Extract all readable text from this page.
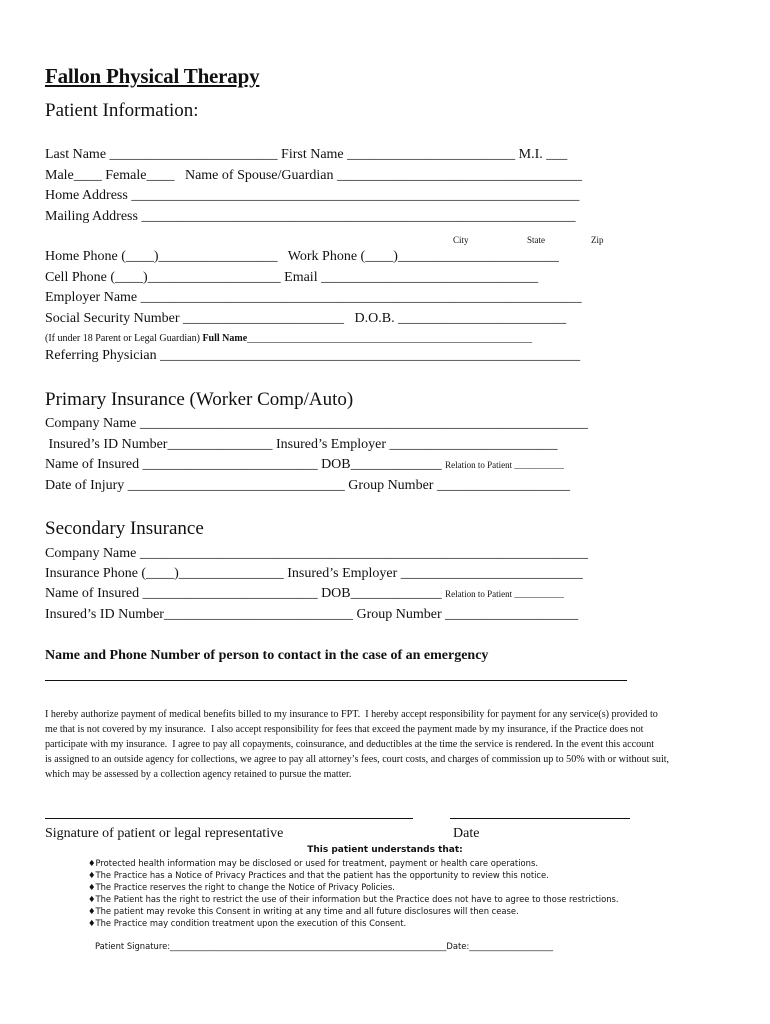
Fallon Physical Therapy
Patient Information:
Last Name ________________________ First Name ________________________ M.I. ___
Male____ Female____   Name of Spouse/Guardian ___________________________________
Home Address ________________________________________________________________
Mailing Address ______________________________________________________________
City	State	Zip
Home Phone (____)_________________   Work Phone (____)_______________________
Cell Phone (____)___________________ Email _______________________________
Employer Name _______________________________________________________________
Social Security Number _______________________   D.O.B. ________________________
(If under 18 Parent or Legal Guardian) Full Name_________________________________________________________
Referring Physician ____________________________________________________________
Primary Insurance (Worker Comp/Auto)
Company Name ________________________________________________________________
Insured’s ID Number_______________ Insured’s Employer ________________________
Name of Insured _________________________ DOB_____________ Relation to Patient ___________
Date of Injury _______________________________ Group Number ___________________
Secondary Insurance
Company Name ________________________________________________________________
Insurance Phone (____)_______________ Insured’s Employer __________________________
Name of Insured _________________________ DOB_____________ Relation to Patient ___________
Insured’s ID Number___________________________ Group Number ___________________
Name and Phone Number of person to contact in the case of an emergency
I hereby authorize payment of medical benefits billed to my insurance to FPT.  I hereby accept responsibility for payment for any service(s) provided to
me that is not covered by my insurance.  I also accept responsibility for fees that exceed the payment made by my insurance, if the Practice does not
participate with my insurance.  I agree to pay all copayments, coinsurance, and deductibles at the time the service is rendered. In the event this account
is assigned to an outside agency for collections, we agree to pay all attorney’s fees, court costs, and charges of commission up to 50% with or without suit,
which may be assessed by a collection agency retained to pursue the matter.
Signature of patient or legal representative	Date
This patient understands that:
♦Protected health information may be disclosed or used for treatment, payment or health care operations.
♦The Practice has a Notice of Privacy Practices and that the patient has the opportunity to review this notice.
♦The Practice reserves the right to change the Notice of Privacy Policies.
♦The Patient has the right to restrict the use of their information but the Practice does not have to agree to those restrictions.
♦The patient may revoke this Consent in writing at any time and all future disclosures will then cease.
♦The Practice may condition treatment upon the execution of this Consent.
Patient Signature:__________________________________________________________________Date:____________________
